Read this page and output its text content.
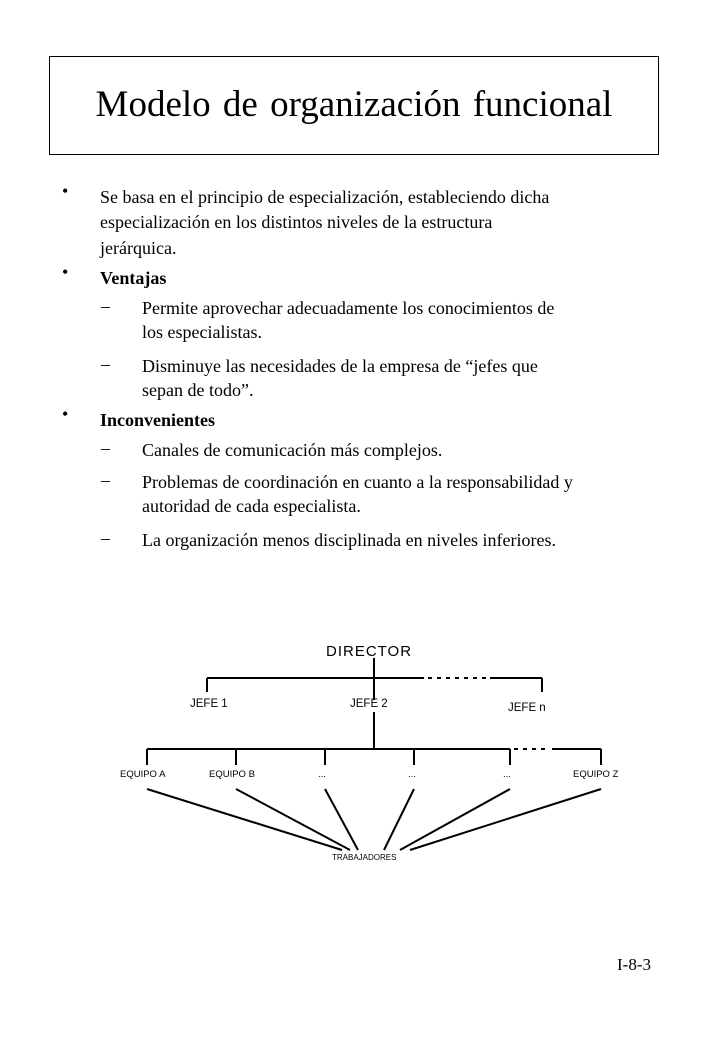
Modelo de organización funcional
• Se basa en el principio de especialización, estableciendo dicha
especialización en los distintos niveles de la estructura
jerárquica.
• Ventajas
– Permite aprovechar adecuadamente los conocimientos de
los especialistas.
– Disminuye las necesidades de la empresa de “jefes que
sepan de todo”.
• Inconvenientes
– Canales de comunicación más complejos.
– Problemas de coordinación en cuanto a la responsabilidad y
autoridad de cada especialista.
– La organización menos disciplinada en niveles inferiores.
DIRECTOR
JEFE 1	JEFE 2	JEFE n
EQUIPO A	EQUIPO B	...	...	...	EQUIPO Z
TRABAJADORES
I-8-3
